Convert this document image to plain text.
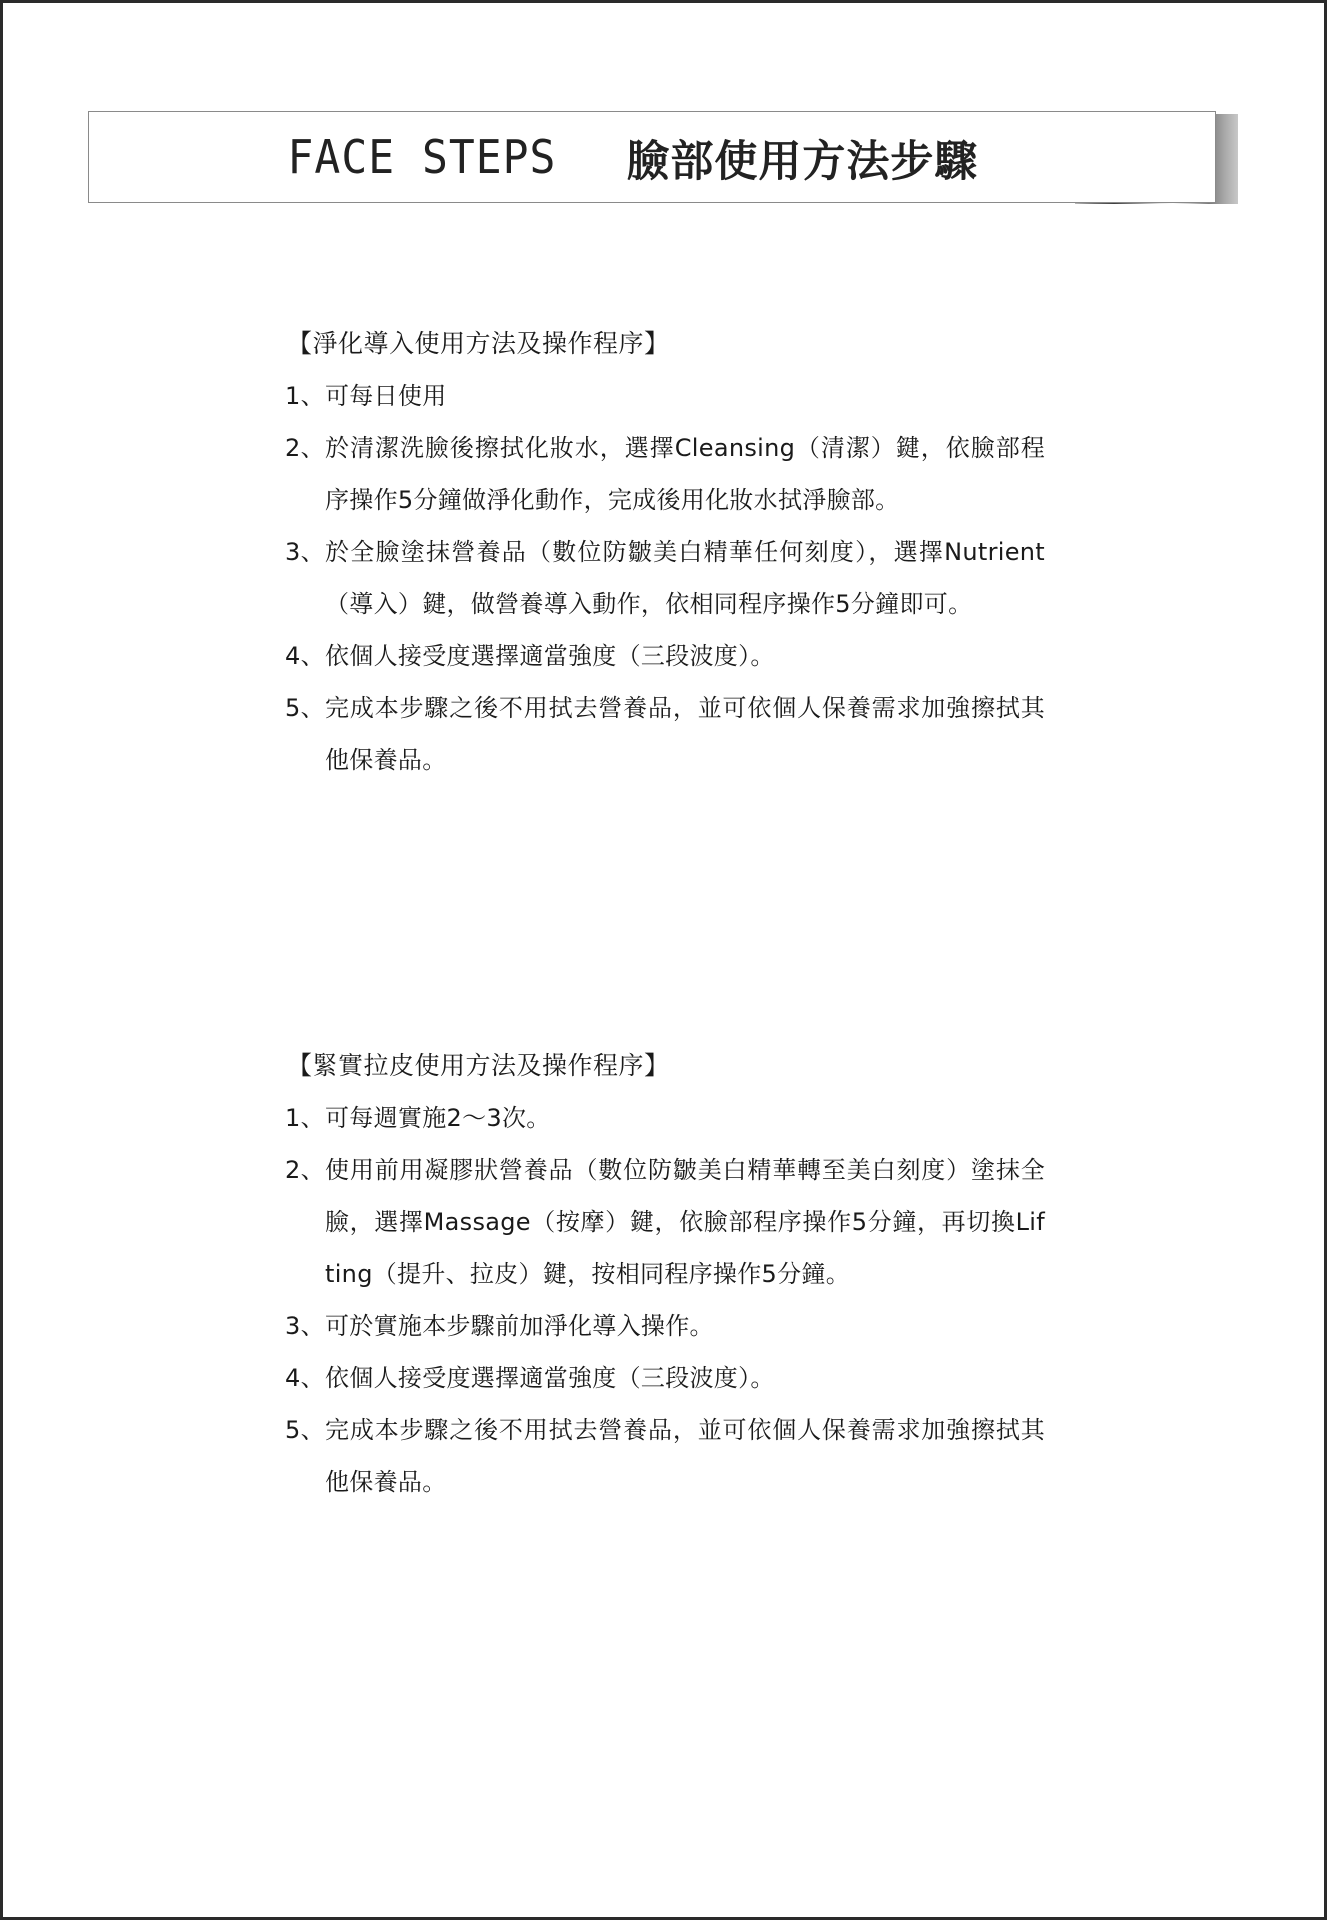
FACE STEPS 臉部使用方法步驟
【淨化導入使用方法及操作程序】
1、 可每日使用
2、 於清潔洗臉後擦拭化妝水，選擇Cleansing（清潔）鍵，依臉部程序操作5分鐘做淨化動作，完成後用化妝水拭淨臉部。
3、 於全臉塗抹營養品（數位防皺美白精華任何刻度），選擇Nutrient（導入）鍵，做營養導入動作，依相同程序操作5分鐘即可。
4、 依個人接受度選擇適當強度（三段波度）。
5、 完成本步驟之後不用拭去營養品，並可依個人保養需求加強擦拭其他保養品。
【緊實拉皮使用方法及操作程序】
1、 可每週實施2～3次。
2、 使用前用凝膠狀營養品（數位防皺美白精華轉至美白刻度）塗抹全臉，選擇Massage（按摩）鍵，依臉部程序操作5分鐘，再切換Lifting（提升、拉皮）鍵，按相同程序操作5分鐘。
3、 可於實施本步驟前加淨化導入操作。
4、 依個人接受度選擇適當強度（三段波度）。
5、 完成本步驟之後不用拭去營養品，並可依個人保養需求加強擦拭其他保養品。
